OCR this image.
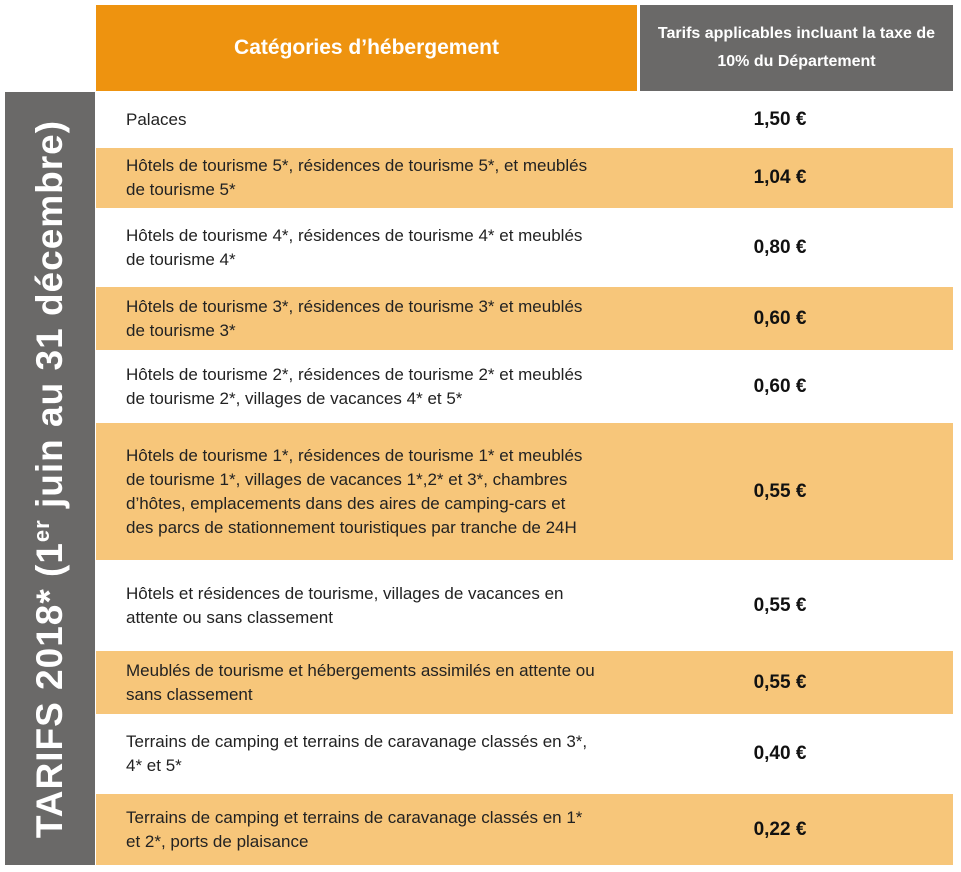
TARIFS 2018* (1er juin au 31 décembre)
Catégories d’hébergement
Tarifs applicables incluant la taxe de 10% du Département
Palaces	1,50 €
Hôtels de tourisme 5*, résidences de tourisme 5*, et meublés de tourisme 5*
1,04 €
Hôtels de tourisme 4*, résidences de tourisme 4* et meublés de tourisme 4*
0,80 €
Hôtels de tourisme 3*, résidences de tourisme 3* et meublés de tourisme 3*
0,60 €
Hôtels de tourisme 2*, résidences de tourisme 2* et meublés de tourisme 2*, villages de vacances 4* et 5*
0,60 €
Hôtels de tourisme 1*, résidences de tourisme 1* et meublés de tourisme 1*, villages de vacances 1*,2* et 3*, chambres d’hôtes, emplacements dans des aires de camping-cars et des parcs de stationnement touristiques par tranche de 24H
0,55 €
Hôtels et résidences de tourisme, villages de vacances en attente ou sans classement
0,55 €
Meublés de tourisme et hébergements assimilés en attente ou sans classement
0,55 €
Terrains de camping et terrains de caravanage classés en 3*, 4* et 5*
0,40 €
Terrains de camping et terrains de caravanage classés en 1* et 2*, ports de plaisance
0,22 €
